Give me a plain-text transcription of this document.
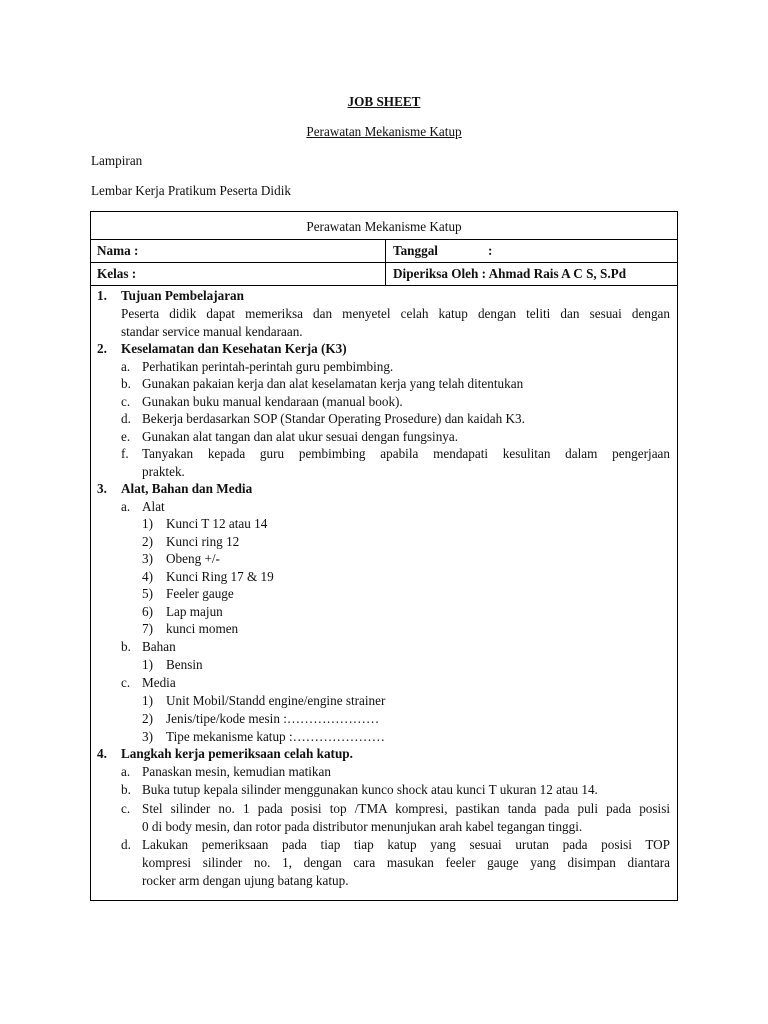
JOB SHEET
Perawatan Mekanisme Katup
Lampiran
Lembar Kerja Pratikum Peserta Didik
Perawatan Mekanisme Katup
Nama :	Tanggal	:
Kelas :	Diperiksa Oleh : Ahmad Rais A C S, S.Pd
1. Tujuan Pembelajaran
Peserta didik dapat memeriksa dan menyetel celah katup dengan teliti dan sesuai dengan
standar service manual kendaraan.
2. Keselamatan dan Kesehatan Kerja (K3)
a. Perhatikan perintah-perintah guru pembimbing.
b. Gunakan pakaian kerja dan alat keselamatan kerja yang telah ditentukan
c. Gunakan buku manual kendaraan (manual book).
d. Bekerja berdasarkan SOP (Standar Operating Prosedure) dan kaidah K3.
e. Gunakan alat tangan dan alat ukur sesuai dengan fungsinya.
f. Tanyakan kepada guru pembimbing apabila mendapati kesulitan dalam pengerjaan
praktek.
3. Alat, Bahan dan Media
a. Alat
1) Kunci T 12 atau 14
2) Kunci ring 12
3) Obeng +/-
4) Kunci Ring 17 & 19
5) Feeler gauge
6) Lap majun
7) kunci momen
b. Bahan
1) Bensin
c. Media
1) Unit Mobil/Standd engine/engine strainer
2) Jenis/tipe/kode mesin :…………………
3) Tipe mekanisme katup :…………………
4. Langkah kerja pemeriksaan celah katup.
a. Panaskan mesin, kemudian matikan
b. Buka tutup kepala silinder menggunakan kunco shock atau kunci T ukuran 12 atau 14.
c. Stel silinder no. 1 pada posisi top /TMA kompresi, pastikan tanda pada puli pada posisi
0 di body mesin, dan rotor pada distributor menunjukan arah kabel tegangan tinggi.
d. Lakukan pemeriksaan pada tiap tiap katup yang sesuai urutan pada posisi TOP
kompresi silinder no. 1, dengan cara masukan feeler gauge yang disimpan diantara
rocker arm dengan ujung batang katup.
